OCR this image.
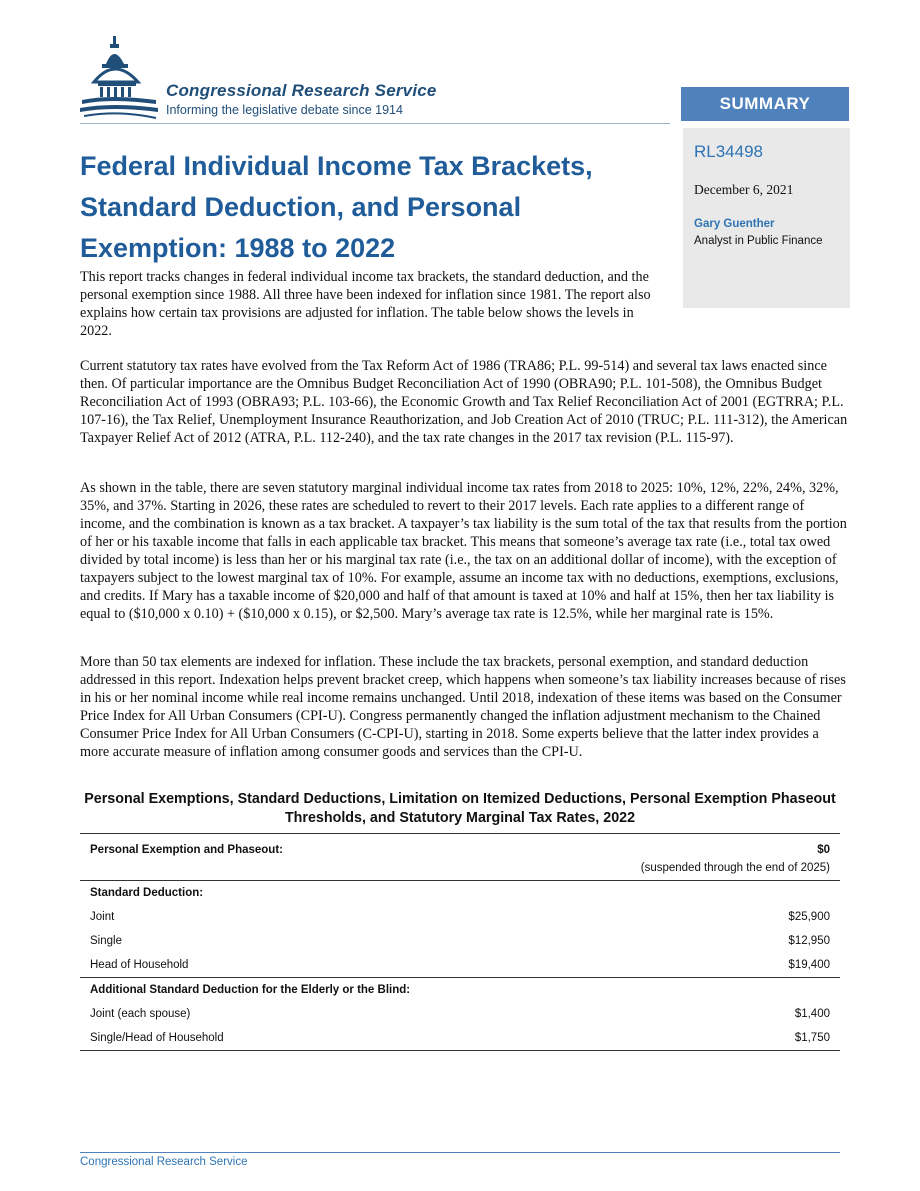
Congressional Research Service
Informing the legislative debate since 1914	SUMMARY
RL34498
December 6, 2021
Gary Guenther
Analyst in Public Finance
Federal Individual Income Tax Brackets, Standard Deduction, and Personal Exemption: 1988 to 2022

This report tracks changes in federal individual income tax brackets, the standard deduction, and the personal exemption since 1988. All three have been indexed for inflation since 1981. The report also explains how certain tax provisions are adjusted for inflation. The table below shows the levels in 2022.

Current statutory tax rates have evolved from the Tax Reform Act of 1986 (TRA86; P.L. 99-514) and several tax laws enacted since then. Of particular importance are the Omnibus Budget Reconciliation Act of 1990 (OBRA90; P.L. 101-508), the Omnibus Budget Reconciliation Act of 1993 (OBRA93; P.L. 103-66), the Economic Growth and Tax Relief Reconciliation Act of 2001 (EGTRRA; P.L. 107-16), the Tax Relief, Unemployment Insurance Reauthorization, and Job Creation Act of 2010 (TRUC; P.L. 111-312), the American Taxpayer Relief Act of 2012 (ATRA, P.L. 112-240), and the tax rate changes in the 2017 tax revision (P.L. 115-97).

As shown in the table, there are seven statutory marginal individual income tax rates from 2018 to 2025: 10%, 12%, 22%, 24%, 32%, 35%, and 37%. Starting in 2026, these rates are scheduled to revert to their 2017 levels. Each rate applies to a different range of income, and the combination is known as a tax bracket. A taxpayer’s tax liability is the sum total of the tax that results from the portion of her or his taxable income that falls in each applicable tax bracket. This means that someone’s average tax rate (i.e., total tax owed divided by total income) is less than her or his marginal tax rate (i.e., the tax on an additional dollar of income), with the exception of taxpayers subject to the lowest marginal tax of 10%. For example, assume an income tax with no deductions, exemptions, exclusions, and credits. If Mary has a taxable income of $20,000 and half of that amount is taxed at 10% and half at 15%, then her tax liability is equal to ($10,000 x 0.10) + ($10,000 x 0.15), or $2,500. Mary’s average tax rate is 12.5%, while her marginal rate is 15%.

More than 50 tax elements are indexed for inflation. These include the tax brackets, personal exemption, and standard deduction addressed in this report. Indexation helps prevent bracket creep, which happens when someone’s tax liability increases because of rises in his or her nominal income while real income remains unchanged. Until 2018, indexation of these items was based on the Consumer Price Index for All Urban Consumers (CPI-U). Congress permanently changed the inflation adjustment mechanism to the Chained Consumer Price Index for All Urban Consumers (C-CPI-U), starting in 2018. Some experts believe that the latter index provides a more accurate measure of inflation among consumer goods and services than the CPI-U.

Personal Exemptions, Standard Deductions, Limitation on Itemized Deductions, Personal Exemption Phaseout Thresholds, and Statutory Marginal Tax Rates, 2022
Personal Exemption and Phaseout:	$0
(suspended through the end of 2025)
Standard Deduction:
Joint	$25,900
Single	$12,950
Head of Household	$19,400
Additional Standard Deduction for the Elderly or the Blind:
Joint (each spouse)	$1,400
Single/Head of Household	$1,750
Congressional Research Service
